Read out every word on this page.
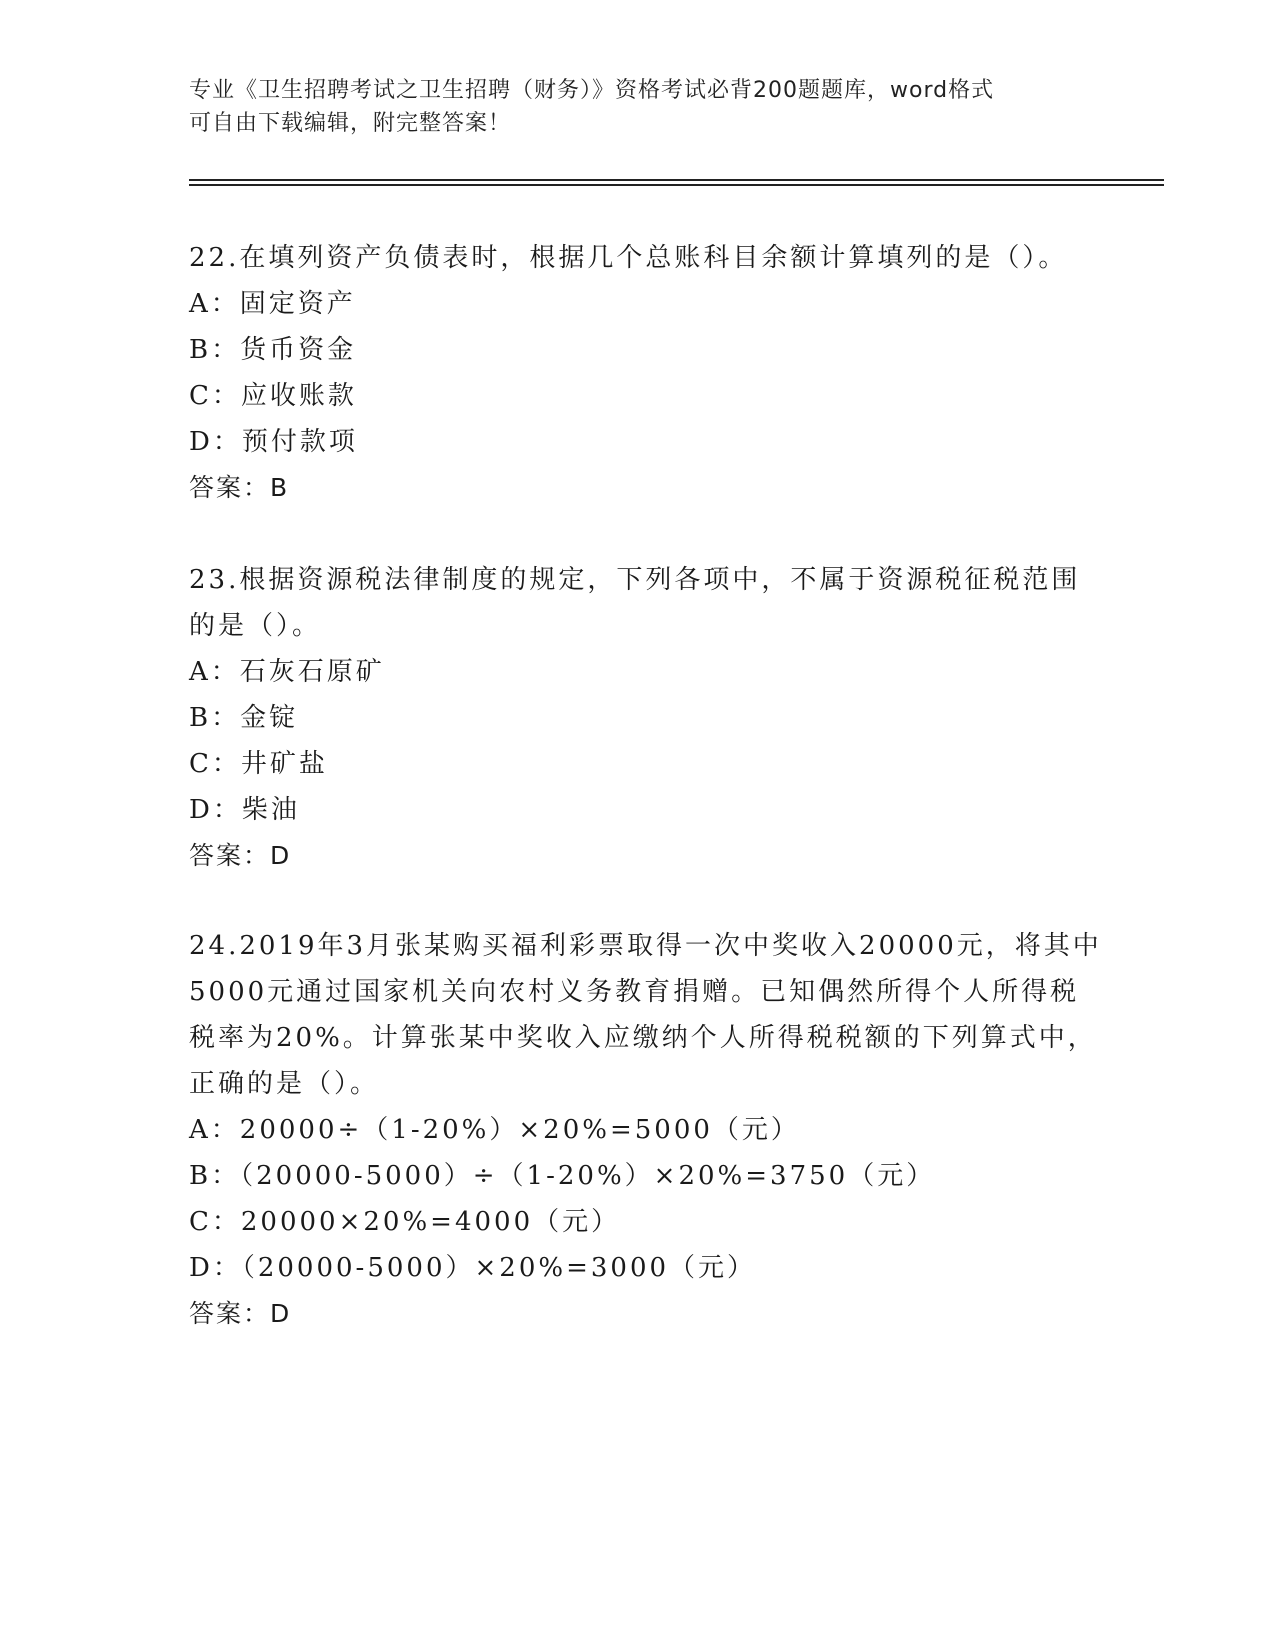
专业《卫生招聘考试之卫生招聘（财务）》资格考试必背200题题库，word格式
可自由下载编辑，附完整答案！
22.在填列资产负债表时，根据几个总账科目余额计算填列的是（）。
A：固定资产
B：货币资金
C：应收账款
D：预付款项
答案：B
23.根据资源税法律制度的规定，下列各项中，不属于资源税征税范围
的是（）。
A：石灰石原矿
B：金锭
C：井矿盐
D：柴油
答案：D
24.2019年3月张某购买福利彩票取得一次中奖收入20000元，将其中
5000元通过国家机关向农村义务教育捐赠。已知偶然所得个人所得税
税率为20%。计算张某中奖收入应缴纳个人所得税税额的下列算式中，
正确的是（）。
A：20000÷（1-20%）×20%=5000（元）
B：（20000-5000）÷（1-20%）×20%=3750（元）
C：20000×20%=4000（元）
D：（20000-5000）×20%=3000（元）
答案：D
